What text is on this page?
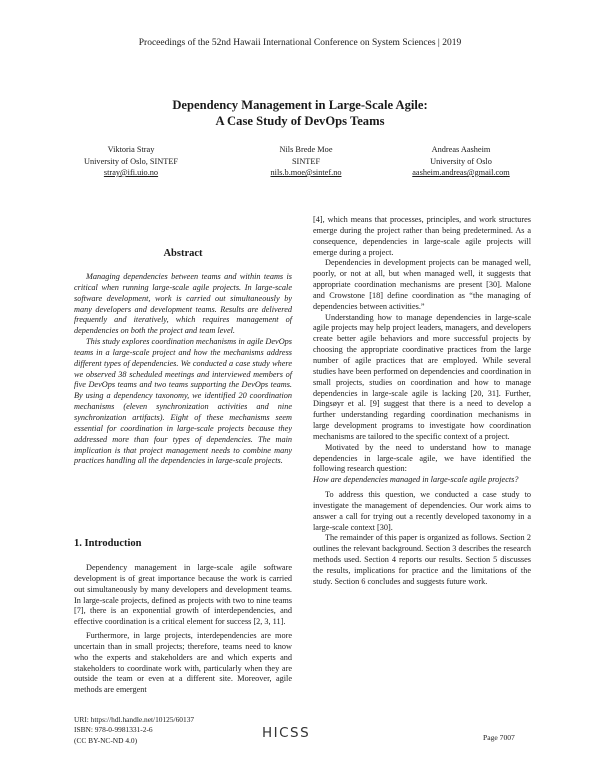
Proceedings of the 52nd Hawaii International Conference on System Sciences | 2019
Dependency Management in Large-Scale Agile:
A Case Study of DevOps Teams
Viktoria Stray
University of Oslo, SINTEF
stray@ifi.uio.no
Nils Brede Moe
SINTEF
nils.b.moe@sintef.no
Andreas Aasheim
University of Oslo
aasheim.andreas@gmail.com
Abstract

Managing dependencies between teams and within teams is critical when running large-scale agile projects. In large-scale software development, work is carried out simultaneously by many developers and development teams. Results are delivered frequently and iteratively, which requires management of dependencies on both the project and team level.

This study explores coordination mechanisms in agile DevOps teams in a large-scale project and how the mechanisms address different types of dependencies. We conducted a case study where we observed 38 scheduled meetings and interviewed members of five DevOps teams and two teams supporting the DevOps teams. By using a dependency taxonomy, we identified 20 coordination mechanisms (eleven synchronization activities and nine synchronization artifacts). Eight of these mechanisms seem essential for coordination in large-scale projects because they addressed more than four types of dependencies. The main implication is that project management needs to combine many practices handling all the dependencies in large-scale projects.

1. Introduction

Dependency management in large-scale agile software development is of great importance because the work is carried out simultaneously by many developers and development teams. In large-scale projects, defined as projects with two to nine teams [7], there is an exponential growth of interdependencies, and effective coordination is a critical element for success [2, 3, 11].

Furthermore, in large projects, interdependencies are more uncertain than in small projects; therefore, teams need to know who the experts and stakeholders are and which experts and stakeholders to coordinate work with, particularly when they are outside the team or even at a different site. Moreover, agile methods are emergent

[4], which means that processes, principles, and work structures emerge during the project rather than being predetermined. As a consequence, dependencies in large-scale agile projects will emerge during a project.

Dependencies in development projects can be managed well, poorly, or not at all, but when managed well, it suggests that appropriate coordination mechanisms are present [30]. Malone and Crowstone [18] define coordination as “the managing of dependencies between activities.”

Understanding how to manage dependencies in large-scale agile projects may help project leaders, managers, and developers create better agile behaviors and more successful projects by choosing the appropriate coordinative practices from the large number of agile practices that are employed. While several studies have been performed on dependencies and coordination in small projects, studies on coordination and how to manage dependencies in large-scale agile is lacking [20, 31]. Further, Dingsøyr et al. [9] suggest that there is a need to develop a further understanding regarding coordination mechanisms in large development programs to investigate how coordination mechanisms are tailored to the specific context of a project.

Motivated by the need to understand how to manage dependencies in large-scale agile, we have identified the following research question:

How are dependencies managed in large-scale agile projects?

To address this question, we conducted a case study to investigate the management of dependencies. Our work aims to answer a call for trying out a recently developed taxonomy in a large-scale context [30].

The remainder of this paper is organized as follows. Section 2 outlines the relevant background. Section 3 describes the research methods used. Section 4 reports our results. Section 5 discusses the results, implications for practice and the limitations of the study. Section 6 concludes and suggests future work.

URI: https://hdl.handle.net/10125/60137
ISBN: 978-0-9981331-2-6
(CC BY-NC-ND 4.0)	HICSS	Page 7007
